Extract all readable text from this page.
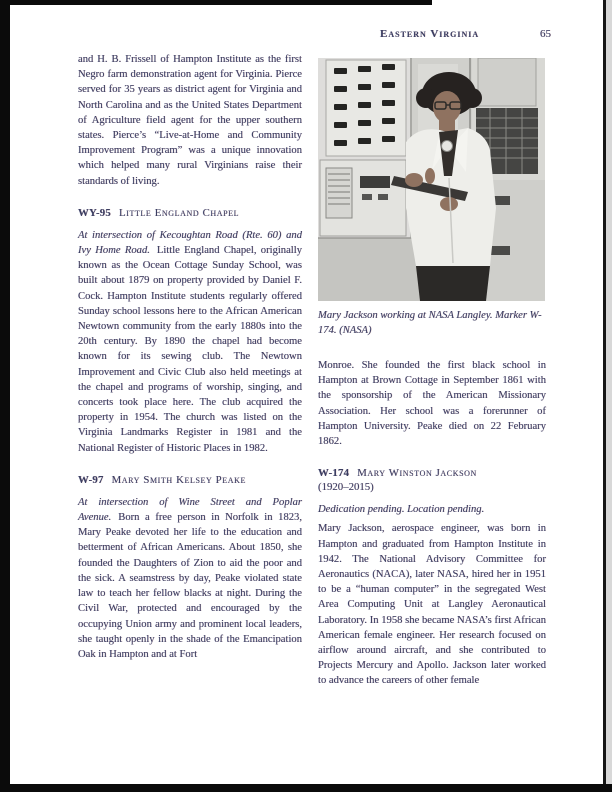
Eastern Virginia	65

and H. B. Frissell of Hampton Institute as the first Negro farm demonstration agent for Virginia. Pierce served for 35 years as district agent for Virginia and North Carolina and as the United States Department of Agriculture field agent for the upper southern states. Pierce’s “Live-at-Home and Community Improvement Program” was a unique innovation which helped many rural Virginians raise their standards of living.

WY-95 Little England Chapel

At intersection of Kecoughtan Road (Rte. 60) and Ivy Home Road. Little England Chapel, originally known as the Ocean Cottage Sunday School, was built about 1879 on property provided by Daniel F. Cock. Hampton Institute students regularly offered Sunday school lessons here to the African American Newtown community from the early 1880s into the 20th century. By 1890 the chapel had become known for its sewing club. The Newtown Improvement and Civic Club also held meetings at the chapel and programs of worship, singing, and concerts took place here. The club acquired the property in 1954. The church was listed on the Virginia Landmarks Register in 1981 and the National Register of Historic Places in 1982.

W-97 Mary Smith Kelsey Peake

At intersection of Wine Street and Poplar Avenue. Born a free person in Norfolk in 1823, Mary Peake devoted her life to the education and betterment of African Americans. About 1850, she founded the Daughters of Zion to aid the poor and the sick. A seamstress by day, Peake violated state law to teach her fellow blacks at night. During the Civil War, protected and encouraged by the occupying Union army and prominent local leaders, she taught openly in the shade of the Emancipation Oak in Hampton and at Fort

Mary Jackson working at NASA Langley. Marker W-174. (NASA)

Monroe. She founded the first black school in Hampton at Brown Cottage in September 1861 with the sponsorship of the American Missionary Association. Her school was a forerunner of Hampton University. Peake died on 22 February 1862.

W-174 Mary Winston Jackson
(1920–2015)

Dedication pending. Location pending.
Mary Jackson, aerospace engineer, was born in Hampton and graduated from Hampton Institute in 1942. The National Advisory Committee for Aeronautics (NACA), later NASA, hired her in 1951 to be a “human computer” in the segregated West Area Computing Unit at Langley Aeronautical Laboratory. In 1958 she became NASA’s first African American female engineer. Her research focused on airflow around aircraft, and she contributed to Projects Mercury and Apollo. Jackson later worked to advance the careers of other female
